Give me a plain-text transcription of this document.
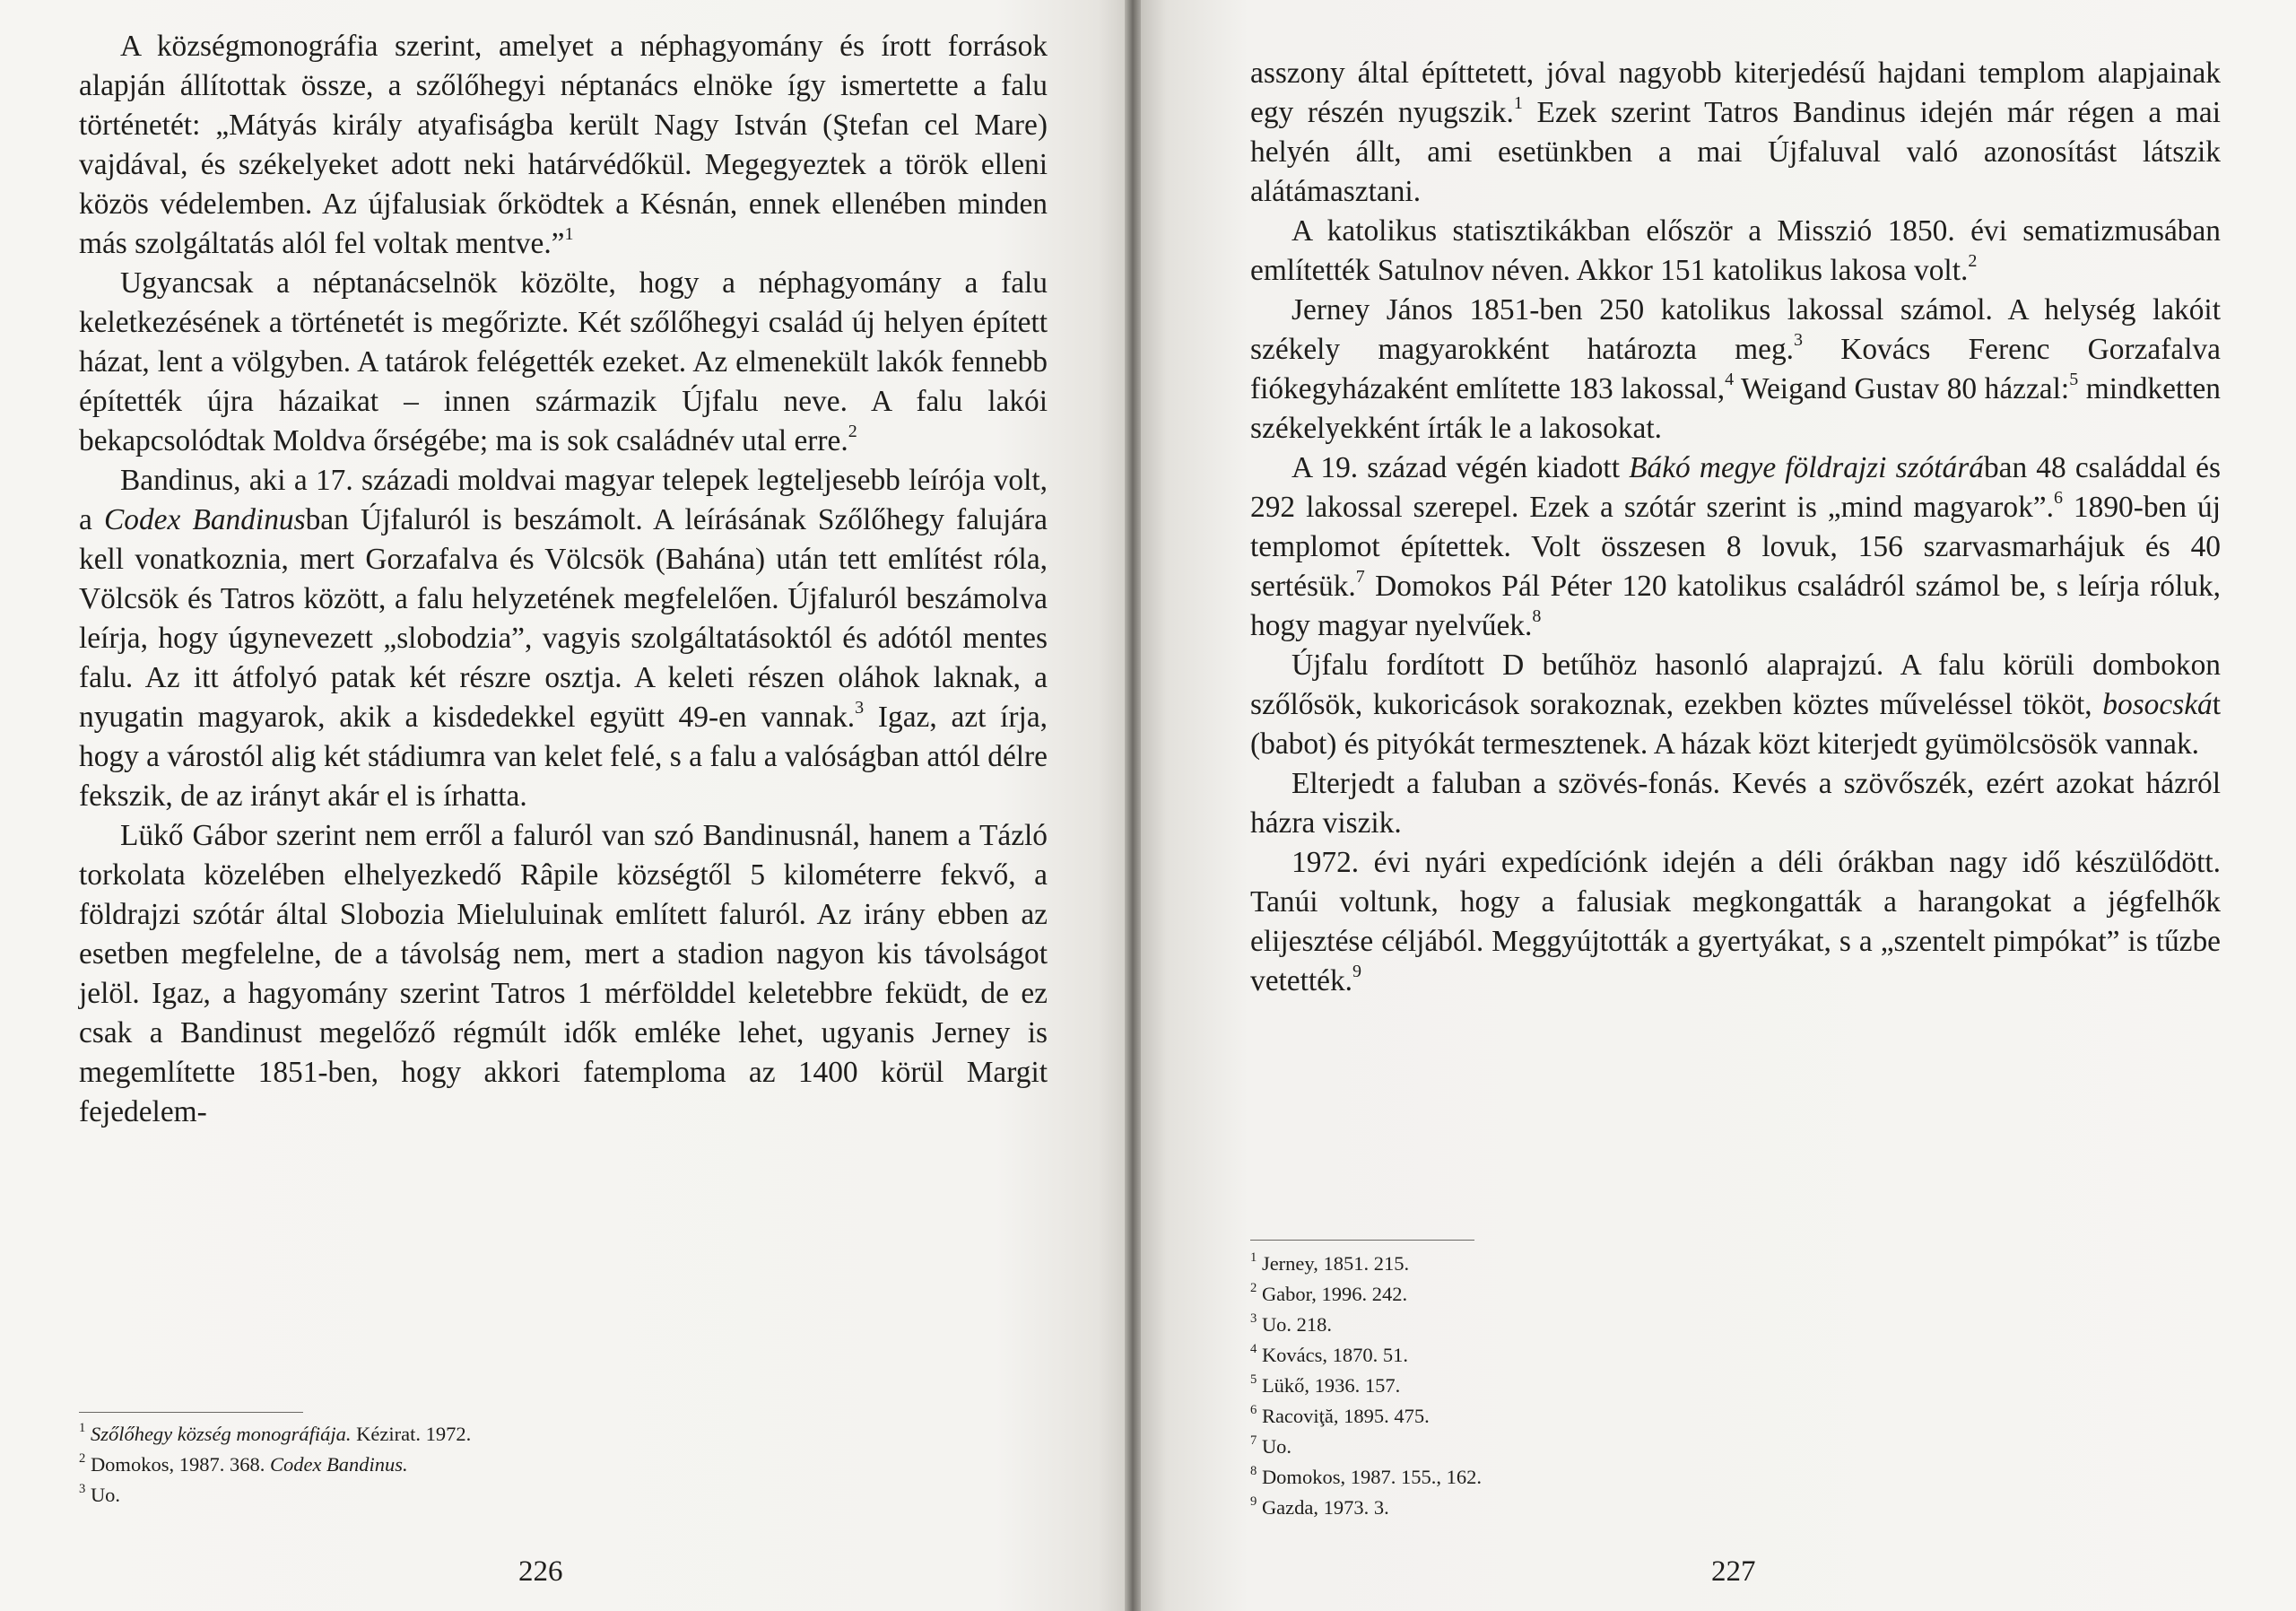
A községmonográfia szerint, amelyet a néphagyomány és írott források alapján állítottak össze, a szőlőhegyi néptanács elnöke így ismertette a falu történetét: „Mátyás király atyafiságba került Nagy István (Ştefan cel Mare) vajdával, és székelyeket adott neki határvédőkül. Megegyeztek a török elleni közös védelemben. Az újfalusiak őrködtek a Késnán, ennek ellenében minden más szolgáltatás alól fel voltak mentve.”$^1$

Ugyancsak a néptanácselnök közölte, hogy a néphagyomány a falu keletkezésének a történetét is megőrizte. Két szőlőhegyi család új helyen épített házat, lent a völgyben. A tatárok felégették ezeket. Az elmenekült lakók fennebb építették újra házaikat – innen származik Újfalu neve. A falu lakói bekapcsolódtak Moldva őrségébe; ma is sok családnév utal erre.$^2$

Bandinus, aki a 17. századi moldvai magyar telepek legteljesebb leírója volt, a Codex Bandinusban Újfaluról is beszámolt. A leírásának Szőlőhegy falujára kell vonatkoznia, mert Gorzafalva és Völcsök (Bahána) után tett említést róla, Völcsök és Tatros között, a falu helyzetének megfelelően. Újfaluról beszámolva leírja, hogy úgynevezett „slobodzia”, vagyis szolgáltatásoktól és adótól mentes falu. Az itt átfolyó patak két részre osztja. A keleti részen oláhok laknak, a nyugatin magyarok, akik a kisdedekkel együtt 49-en vannak.$^3$ Igaz, azt írja, hogy a várostól alig két stádiumra van kelet felé, s a falu a valóságban attól délre fekszik, de az irányt akár el is írhatta.

Lükő Gábor szerint nem erről a faluról van szó Bandinusnál, hanem a Tázló torkolata közelében elhelyezkedő Râpile községtől 5 kilométerre fekvő, a földrajzi szótár által Slobozia Mieluluinak említett faluról. Az irány ebben az esetben megfelelne, de a távolság nem, mert a stadion nagyon kis távolságot jelöl. Igaz, a hagyomány szerint Tatros 1 mérfölddel keletebbre feküdt, de ez csak a Bandinust megelőző régmúlt idők emléke lehet, ugyanis Jerney is megemlítette 1851-ben, hogy akkori fatemploma az 1400 körül Margit fejedelem-

$^1$ Szőlőhegy község monográfiája. Kézirat. 1972.

$^2$ Domokos, 1987. 368. Codex Bandinus.

$^3$ Uo.

226

asszony által építtetett, jóval nagyobb kiterjedésű hajdani templom alapjainak egy részén nyugszik.$^1$ Ezek szerint Tatros Bandinus idején már régen a mai helyén állt, ami esetünkben a mai Újfaluval való azonosítást látszik alátámasztani.

A katolikus statisztikákban először a Misszió 1850. évi sematizmusában említették Satulnov néven. Akkor 151 katolikus lakosa volt.$^2$

Jerney János 1851-ben 250 katolikus lakossal számol. A helység lakóit székely magyarokként határozta meg.$^3$ Kovács Ferenc Gorzafalva fiókegyházaként említette 183 lakossal,$^4$ Weigand Gustav 80 házzal:$^5$ mindketten székelyekként írták le a lakosokat.

A 19. század végén kiadott Bákó megye földrajzi szótárában 48 családdal és 292 lakossal szerepel. Ezek a szótár szerint is „mind magyarok”.$^6$ 1890-ben új templomot építettek. Volt összesen 8 lovuk, 156 szarvasmarhájuk és 40 sertésük.$^7$ Domokos Pál Péter 120 katolikus családról számol be, s leírja róluk, hogy magyar nyelvűek.$^8$

Újfalu fordított D betűhöz hasonló alaprajzú. A falu körüli dombokon szőlősök, kukoricások sorakoznak, ezekben köztes műveléssel tököt, bosocskát (babot) és pityókát termesztenek. A házak közt kiterjedt gyümölcsösök vannak.

Elterjedt a faluban a szövés-fonás. Kevés a szövőszék, ezért azokat házról házra viszik.

1972. évi nyári expedíciónk idején a déli órákban nagy idő készülődött. Tanúi voltunk, hogy a falusiak megkongatták a harangokat a jégfelhők elijesztése céljából. Meggyújtották a gyertyákat, s a „szentelt pimpókat” is tűzbe vetették.$^9$

$^1$ Jerney, 1851. 215.

$^2$ Gabor, 1996. 242.

$^3$ Uo. 218.

$^4$ Kovács, 1870. 51.

$^5$ Lükő, 1936. 157.

$^6$ Racoviţă, 1895. 475.

$^7$ Uo.

$^8$ Domokos, 1987. 155., 162.

$^9$ Gazda, 1973. 3.

227
